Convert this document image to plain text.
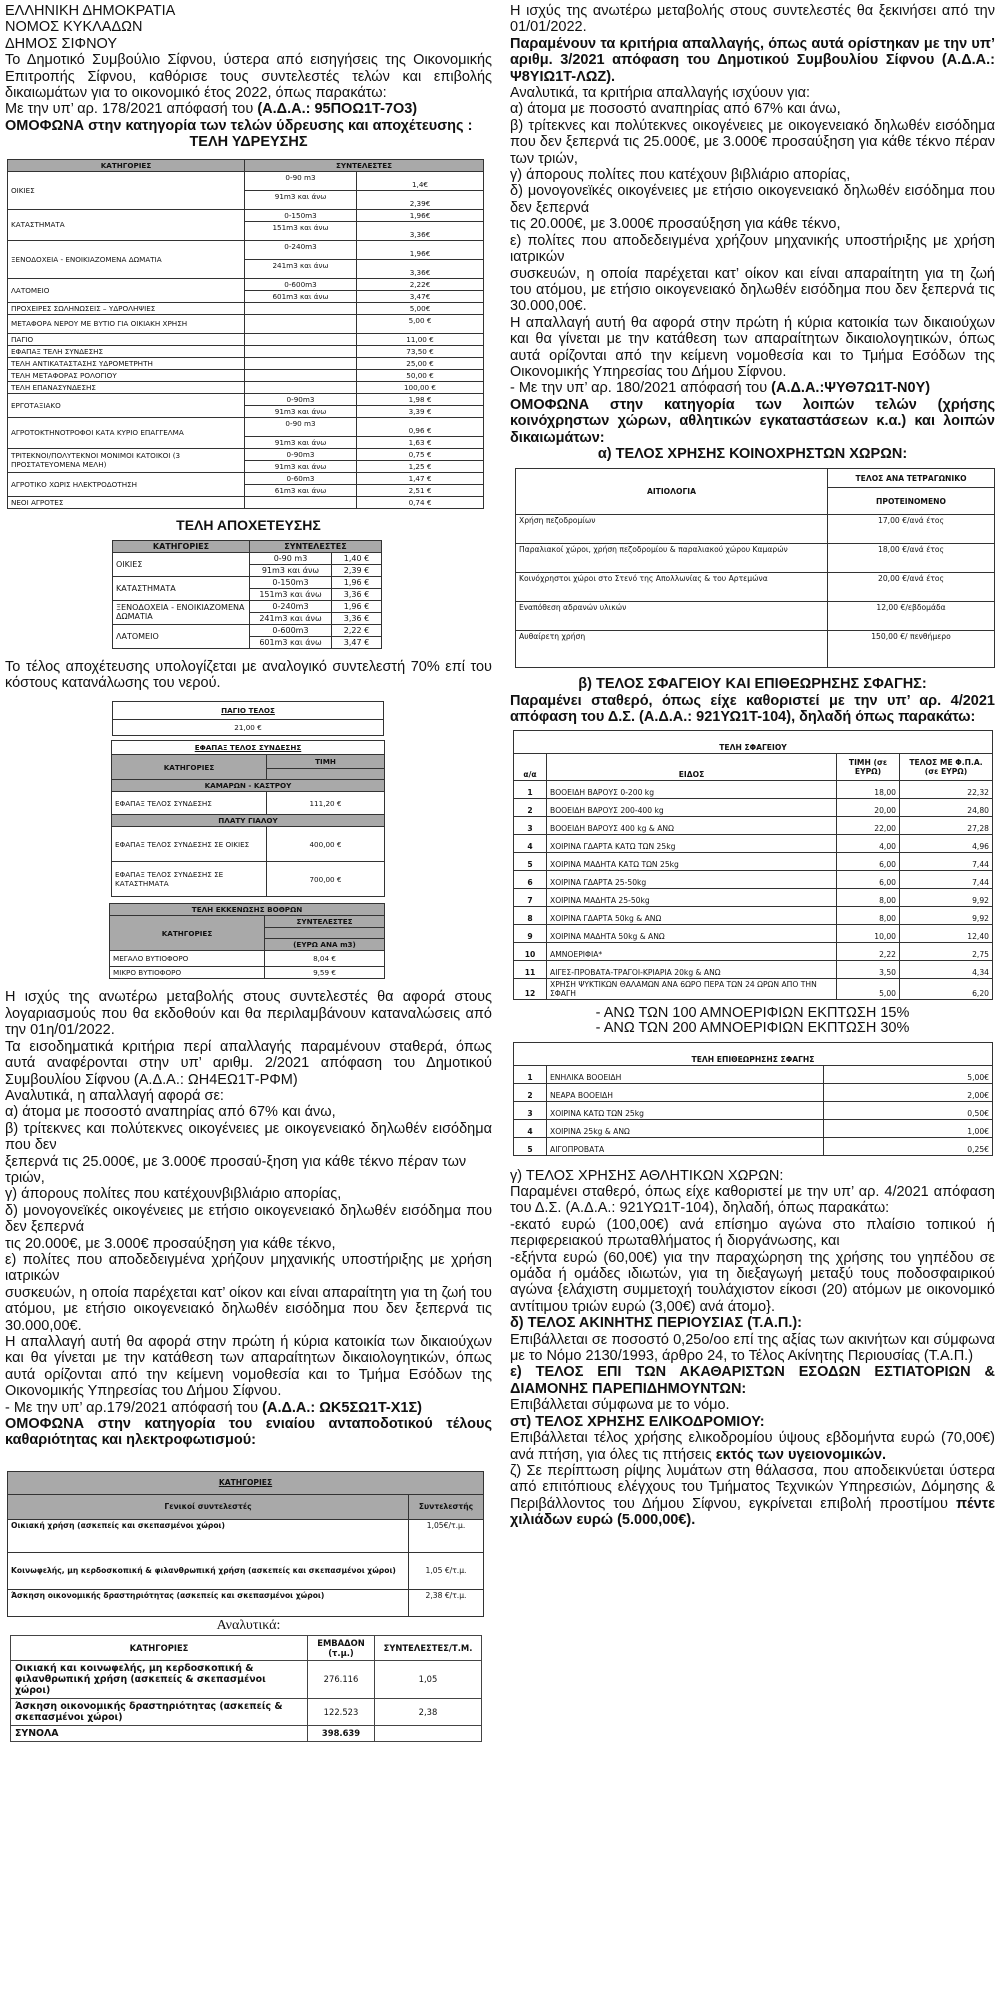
ΕΛΛΗΝΙΚΗ ΔΗΜΟΚΡΑΤΙΑ

ΝΟΜΟΣ ΚΥΚΛΑΔΩΝ

ΔΗΜΟΣ ΣΙΦΝΟΥ

Το Δημοτικό Συμβούλιο Σίφνου, ύστερα από εισηγήσεις της Οικονομικής Επιτροπής Σίφνου, καθόρισε τους συντελεστές τελών και επιβολής δικαιωμάτων για το οικονομικό έτος 2022, όπως παρακάτω:

Με την υπ’ αρ. 178/2021 απόφασή του (Α.Δ.Α.: 95ΠΟΩ1Τ-7Ο3)

ΟΜΟΦΩΝΑ στην κατηγορία των τελών ύδρευσης και αποχέτευσης :

ΤΕΛΗ ΥΔΡΕΥΣΗΣ

ΚΑΤΗΓΟΡΙΕΣ	ΣΥΝΤΕΛΕΣΤΕΣ	
ΟΙΚΙΕΣ	0-90 m3	1,4€
	91m3 και άνω	2,39€
ΚΑΤΑΣΤΗΜΑΤΑ	0-150m3	1,96€
	151m3 και άνω	3,36€
ΞΕΝΟΔΟΧΕΙΑ - ΕΝΟΙΚΙΑΖΟΜΕΝΑ ΔΩΜΑΤΙΑ	0-240m3	1,96€
	241m3 και άνω	3,36€
ΛΑΤΟΜΕΙΟ	0-600m3	2,22€
	601m3 και άνω	3,47€
ΠΡΟΧΕΙΡΕΣ ΣΩΛΗΝΩΣΕΙΣ – ΥΔΡΟΛΗΨΙΕΣ		5,00€
ΜΕΤΑΦΟΡΑ ΝΕΡΟΥ ΜΕ ΒΥΤΙΟ ΓΙΑ ΟΙΚΙΑΚΗ ΧΡΗΣΗ		5,00 €
ΠΑΓΙΟ		11,00 €
ΕΦΑΠΑΞ ΤΕΛΗ ΣΥΝΔΕΣΗΣ		73,50 €
ΤΕΛΗ ΑΝΤΙΚΑΤΑΣΤΑΣΗΣ ΥΔΡΟΜΕΤΡΗΤΗ		25,00 €
ΤΕΛΗ ΜΕΤΑΦΟΡΑΣ ΡΟΛΟΓΙΟΥ		50,00 €
ΤΕΛΗ ΕΠΑΝΑΣΥΝΔΕΣΗΣ		100,00 €
ΕΡΓΟΤΑΞΙΑΚΟ	0-90m3	1,98 €
	91m3 και άνω	3,39 €
ΑΓΡΟΤΟΚΤΗΝΟΤΡΟΦΟΙ ΚΑΤΑ ΚΥΡΙΟ ΕΠΑΓΓΕΛΜΑ	0-90 m3	0,96 €
	91m3 και άνω	1,63 €
ΤΡΙΤΕΚΝΟΙ/ΠΟΛΥΤΕΚΝΟΙ ΜΟΝΙΜΟΙ ΚΑΤΟΙΚΟΙ (3 ΠΡΟΣΤΑΤΕΥΟΜΕΝΑ ΜΕΛΗ)	0-90m3	0,75 €
	91m3 και άνω	1,25 €
ΑΓΡΟΤΙΚΟ ΧΩΡΙΣ ΗΛΕΚΤΡΟΔΟΤΗΣΗ	0-60m3	1,47 €
	61m3 και άνω	2,51 €
ΝΕΟΙ ΑΓΡΟΤΕΣ		0,74 €

ΤΕΛΗ ΑΠΟΧΕΤΕΥΣΗΣ

ΚΑΤΗΓΟΡΙΕΣ	ΣΥΝΤΕΛΕΣΤΕΣ	
ΟΙΚΙΕΣ	0-90 m3	1,40 €
	91m3 και άνω	2,39 €
ΚΑΤΑΣΤΗΜΑΤΑ	0-150m3	1,96 €
	151m3 και άνω	3,36 €
ΞΕΝΟΔΟΧΕΙΑ - ΕΝΟΙΚΙΑΖΟΜΕΝΑ ΔΩΜΑΤΙΑ	0-240m3	1,96 €
	241m3 και άνω	3,36 €
ΛΑΤΟΜΕΙΟ	0-600m3	2,22 €
	601m3 και άνω	3,47 €

Το τέλος αποχέτευσης υπολογίζεται με αναλογικό συντελεστή 70% επί του κόστους κατανάλωσης του νερού.

ΠΑΓΙΟ ΤΕΛΟΣ
21,00 €
ΕΦΑΠΑΞ ΤΕΛΟΣ ΣΥΝΔΕΣΗΣ	
ΚΑΤΗΓΟΡΙΕΣ	ΤΙΜΗ

ΚΑΜΑΡΩΝ - ΚΑΣΤΡΟΥ	
ΕΦΑΠΑΞ ΤΕΛΟΣ ΣΥΝΔΕΣΗΣ	111,20 €
ΠΛΑΤΥ ΓΙΑΛΟΥ	
ΕΦΑΠΑΞ ΤΕΛΟΣ ΣΥΝΔΕΣΗΣ ΣΕ ΟΙΚΙΕΣ	400,00 €
ΕΦΑΠΑΞ ΤΕΛΟΣ ΣΥΝΔΕΣΗΣ ΣΕ ΚΑΤΑΣΤΗΜΑΤΑ	700,00 €
ΤΕΛΗ ΕΚΚΕΝΩΣΗΣ ΒΟΘΡΩΝ	
ΚΑΤΗΓΟΡΙΕΣ	ΣΥΝΤΕΛΕΣΤΕΣ

	(ΕΥΡΩ ΑΝΑ m3)
ΜΕΓΑΛΟ ΒΥΤΙΟΦΟΡΟ	8,04 €
ΜΙΚΡΟ ΒΥΤΙΟΦΟΡΟ	9,59 €

Η ισχύς της ανωτέρω μεταβολής στους συντελεστές θα αφορά στους λογαριασμούς που θα εκδοθούν και θα περιλαμβάνουν καταναλώσεις από την 01η/01/2022.

Τα εισοδηματικά κριτήρια περί απαλλαγής παραμένουν σταθερά, όπως αυτά αναφέρονται στην υπ’ αριθμ. 2/2021 απόφαση του Δημοτικού Συμβουλίου Σίφνου (Α.Δ.Α.: ΩΗ4ΕΩ1Τ-ΡΦΜ)

Αναλυτικά, η απαλλαγή αφορά σε:

α) άτομα με ποσοστό αναπηρίας από 67% και άνω,

β) τρίτεκνες και πολύτεκνες οικογένειες με οικογενειακό δηλωθέν εισόδημα που δεν

ξεπερνά τις 25.000€, με 3.000€ προσαύ-ξηση για κάθε τέκνο πέραν των τριών,

γ) άπορους πολίτες που κατέχουνβιβλιάριο απορίας,

δ) μονογονεϊκές οικογένειες με ετήσιο οικογενειακό δηλωθέν εισόδημα που δεν ξεπερνά

τις 20.000€, με 3.000€ προσαύξηση για κάθε τέκνο,

ε) πολίτες που αποδεδειγμένα χρήζουν μηχανικής υποστήριξης με χρήση ιατρικών

συσκευών, η οποία παρέχεται κατ’ οίκον και είναι απαραίτητη για τη ζωή του ατόμου, με ετήσιο οικογενειακό δηλωθέν εισόδημα που δεν ξεπερνά τις 30.000,00€.

Η απαλλαγή αυτή θα αφορά στην πρώτη ή κύρια κατοικία των δικαιούχων και θα γίνεται με την κατάθεση των απαραίτητων δικαιολογητικών, όπως αυτά ορίζονται από την κείμενη νομοθεσία και το Τμήμα Εσόδων της Οικονομικής Υπηρεσίας του Δήμου Σίφνου.

- Με την υπ’ αρ.179/2021 απόφασή του (Α.Δ.Α.: ΩΚ5ΣΩ1Τ-Χ1Σ)

ΟΜΟΦΩΝΑ στην κατηγορία του ενιαίου ανταποδοτικού τέλους καθαριότητας και ηλεκτροφωτισμού:

ΚΑΤΗΓΟΡΙΕΣ	
Γενικοί συντελεστές	Συντελεστής
Οικιακή χρήση (ασκεπείς και σκεπασμένοι χώροι)	1,05€/τ.μ.
Κοινωφελής, μη κερδοσκοπική & φιλανθρωπική χρήση (ασκεπείς και σκεπασμένοι χώροι)	1,05 €/τ.μ.
Άσκηση οικονομικής δραστηριότητας (ασκεπείς και σκεπασμένοι χώροι)	2,38 €/τ.μ.

Αναλυτικά:

ΚΑΤΗΓΟΡΙΕΣ	ΕΜΒΑΔΟΝ (τ.μ.)	ΣΥΝΤΕΛΕΣΤΕΣ/Τ.Μ.
Οικιακή και κοινωφελής, μη κερδοσκοπική & φιλανθρωπική χρήση (ασκεπείς & σκεπασμένοι χώροι)	276.116	1,05
Άσκηση οικονομικής δραστηριότητας (ασκεπείς & σκεπασμένοι χώροι)	122.523	2,38
ΣΥΝΟΛΑ	398.639	

Η ισχύς της ανωτέρω μεταβολής στους συντελεστές θα ξεκινήσει από την 01/01/2022.

Παραμένουν τα κριτήρια απαλλαγής, όπως αυτά ορίστηκαν με την υπ’ αριθμ. 3/2021 απόφαση του Δημοτικού Συμβουλίου Σίφνου (Α.Δ.Α.: Ψ8ΥΙΩ1Τ-ΛΩΖ).

Αναλυτικά, τα κριτήρια απαλλαγής ισχύουν για:

α) άτομα με ποσοστό αναπηρίας από 67% και άνω,

β) τρίτεκνες και πολύτεκνες οικογένειες με οικογενειακό δηλωθέν εισόδημα που δεν ξεπερνά τις 25.000€, με 3.000€ προσαύξηση για κάθε τέκνο πέραν των τριών,

γ) άπορους πολίτες που κατέχουν βιβλιάριο απορίας,

δ) μονογονεϊκές οικογένειες με ετήσιο οικογενειακό δηλωθέν εισόδημα που δεν ξεπερνά

τις 20.000€, με 3.000€ προσαύξηση για κάθε τέκνο,

ε) πολίτες που αποδεδειγμένα χρήζουν μηχανικής υποστήριξης με χρήση ιατρικών

συσκευών, η οποία παρέχεται κατ’ οίκον και είναι απαραίτητη για τη ζωή του ατόμου, με ετήσιο οικογενειακό δηλωθέν εισόδημα που δεν ξεπερνά τις 30.000,00€.

Η απαλλαγή αυτή θα αφορά στην πρώτη ή κύρια κατοικία των δικαιούχων και θα γίνεται με την κατάθεση των απαραίτητων δικαιολογητικών, όπως αυτά ορίζονται από την κείμενη νομοθεσία και το Τμήμα Εσόδων της Οικονομικής Υπηρεσίας του Δήμου Σίφνου.

- Με την υπ’ αρ. 180/2021 απόφασή του (Α.Δ.Α.:ΨΥΘ7Ω1Τ-Ν0Υ)

ΟΜΟΦΩΝΑ στην κατηγορία των λοιπών τελών (χρήσης κοινόχρηστων χώρων, αθλητικών εγκαταστάσεων κ.α.) και λοιπών δικαιωμάτων:

α) ΤΕΛΟΣ ΧΡΗΣΗΣ ΚΟΙΝΟΧΡΗΣΤΩΝ ΧΩΡΩΝ:

ΑΙΤΙΟΛΟΓΙΑ	ΤΕΛΟΣ ΑΝΑ ΤΕΤΡΑΓΩΝΙΚΟ
	ΠΡΟΤΕΙΝΟΜΕΝΟ
Χρήση πεζοδρομίων	17,00 €/ανά έτος
Παραλιακοί χώροι, χρήση πεζοδρομίου & παραλιακού χώρου Καμαρών	18,00 €/ανά έτος
Κοινόχρηστοι χώροι στο Στενό της Απολλωνίας & του Αρτεμώνα	20,00 €/ανά έτος
Εναπόθεση αδρανών υλικών	12,00 €/εβδομάδα
Αυθαίρετη χρήση	150,00 €/ πενθήμερο

β) ΤΕΛΟΣ ΣΦΑΓΕΙΟΥ ΚΑΙ ΕΠΙΘΕΩΡΗΣΗΣ ΣΦΑΓΗΣ:

Παραμένει σταθερό, όπως είχε καθοριστεί με την υπ’ αρ. 4/2021 απόφαση του Δ.Σ. (Α.Δ.Α.: 921ΥΩ1Τ-104), δηλαδή όπως παρακάτω:

ΤΕΛΗ ΣΦΑΓΕΙΟΥ			
α/α	ΕΙΔΟΣ	ΤΙΜΗ (σε ΕΥΡΩ)	ΤΕΛΟΣ ΜΕ Φ.Π.Α. (σε ΕΥΡΩ)
1	ΒΟΟΕΙΔΗ ΒΑΡΟΥΣ 0-200 kg	18,00	22,32
2	ΒΟΟΕΙΔΗ ΒΑΡΟΥΣ 200-400 kg	20,00	24,80
3	ΒΟΟΕΙΔΗ ΒΑΡΟΥΣ 400 kg & ΑΝΩ	22,00	27,28
4	ΧΟΙΡΙΝΑ ΓΔΑΡΤΑ ΚΑΤΩ ΤΩΝ 25kg	4,00	4,96
5	ΧΟΙΡΙΝΑ ΜΑΔΗΤΑ ΚΑΤΩ ΤΩΝ 25kg	6,00	7,44
6	ΧΟΙΡΙΝΑ ΓΔΑΡΤΑ 25-50kg	6,00	7,44
7	ΧΟΙΡΙΝΑ ΜΑΔΗΤΑ 25-50kg	8,00	9,92
8	ΧΟΙΡΙΝΑ ΓΔΑΡΤΑ 50kg & ΑΝΩ	8,00	9,92
9	ΧΟΙΡΙΝΑ ΜΑΔΗΤΑ 50kg & ΑΝΩ	10,00	12,40
10	ΑΜΝΟΕΡΙΦΙΑ*	2,22	2,75
11	ΑΙΓΕΣ-ΠΡΟΒΑΤΑ-ΤΡΑΓΟΙ-ΚΡΙΑΡΙΑ 20kg & ΑΝΩ	3,50	4,34
12	ΧΡΗΣΗ ΨΥΚΤΙΚΩΝ ΘΑΛΑΜΩΝ ΑΝΑ 6ΩΡΟ ΠΕΡΑ ΤΩΝ 24 ΩΡΩΝ ΑΠΟ ΤΗΝ ΣΦΑΓΗ	5,00	6,20

- ΑΝΩ ΤΩΝ 100 ΑΜΝΟΕΡΙΦΙΩΝ ΕΚΠΤΩΣΗ 15%

- ΑΝΩ ΤΩΝ 200 ΑΜΝΟΕΡΙΦΙΩΝ ΕΚΠΤΩΣΗ 30%

ΤΕΛΗ ΕΠΙΘΕΩΡΗΣΗΣ ΣΦΑΓΗΣ		
1	ΕΝΗΛΙΚΑ ΒΟΟΕΙΔΗ	5,00€
2	ΝΕΑΡΑ ΒΟΟΕΙΔΗ	2,00€
3	ΧΟΙΡΙΝΑ ΚΑΤΩ ΤΩΝ 25kg	0,50€
4	ΧΟΙΡΙΝΑ 25kg & ΑΝΩ	1,00€
5	ΑΙΓΟΠΡΟΒΑΤΑ	0,25€

γ) ΤΕΛΟΣ ΧΡΗΣΗΣ ΑΘΛΗΤΙΚΩΝ ΧΩΡΩΝ:

Παραμένει σταθερό, όπως είχε καθοριστεί με την υπ’ αρ. 4/2021 απόφαση του Δ.Σ. (Α.Δ.Α.: 921ΥΩ1Τ-104), δηλαδή, όπως παρακάτω:

-εκατό ευρώ (100,00€) ανά επίσημο αγώνα στο πλαίσιο τοπικού ή περιφερειακού πρωταθλήματος ή διοργάνωσης, και

-εξήντα ευρώ (60,00€) για την παραχώρηση της χρήσης του γηπέδου σε ομάδα ή ομάδες ιδιωτών, για τη διεξαγωγή μεταξύ τους ποδοσφαιρικού αγώνα {ελάχιστη συμμετοχή τουλάχιστον είκοσι (20) ατόμων με οικονομικό αντίτιμου τριών ευρώ (3,00€) ανά άτομο}.

δ) ΤΕΛΟΣ ΑΚΙΝΗΤΗΣ ΠΕΡΙΟΥΣΙΑΣ (Τ.Α.Π.):

Επιβάλλεται σε ποσοστό 0,25ο/οο επί της αξίας των ακινήτων και σύμφωνα με το Νόμο 2130/1993, άρθρο 24, το Τέλος Ακίνητης Περιουσίας (Τ.Α.Π.)

ε) ΤΕΛΟΣ ΕΠΙ ΤΩΝ ΑΚΑΘΑΡΙΣΤΩΝ ΕΣΟΔΩΝ ΕΣΤΙΑΤΟΡΙΩΝ & ΔΙΑΜΟΝΗΣ ΠΑΡΕΠΙΔΗΜΟΥΝΤΩΝ:

Επιβάλλεται σύμφωνα με το νόμο.

στ) ΤΕΛΟΣ ΧΡΗΣΗΣ ΕΛΙΚΟΔΡΟΜΙΟΥ:

Επιβάλλεται τέλος χρήσης ελικοδρομίου ύψους εβδομήντα ευρώ (70,00€) ανά πτήση, για όλες τις πτήσεις εκτός των υγειονομικών.

ζ) Σε περίπτωση ρίψης λυμάτων στη θάλασσα, που αποδεικνύεται ύστερα από επιτόπιους ελέγχους του Τμήματος Τεχνικών Υπηρεσιών, Δόμησης & Περιβάλλοντος του Δήμου Σίφνου, εγκρίνεται επιβολή προστίμου πέντε χιλιάδων ευρώ (5.000,00€).
